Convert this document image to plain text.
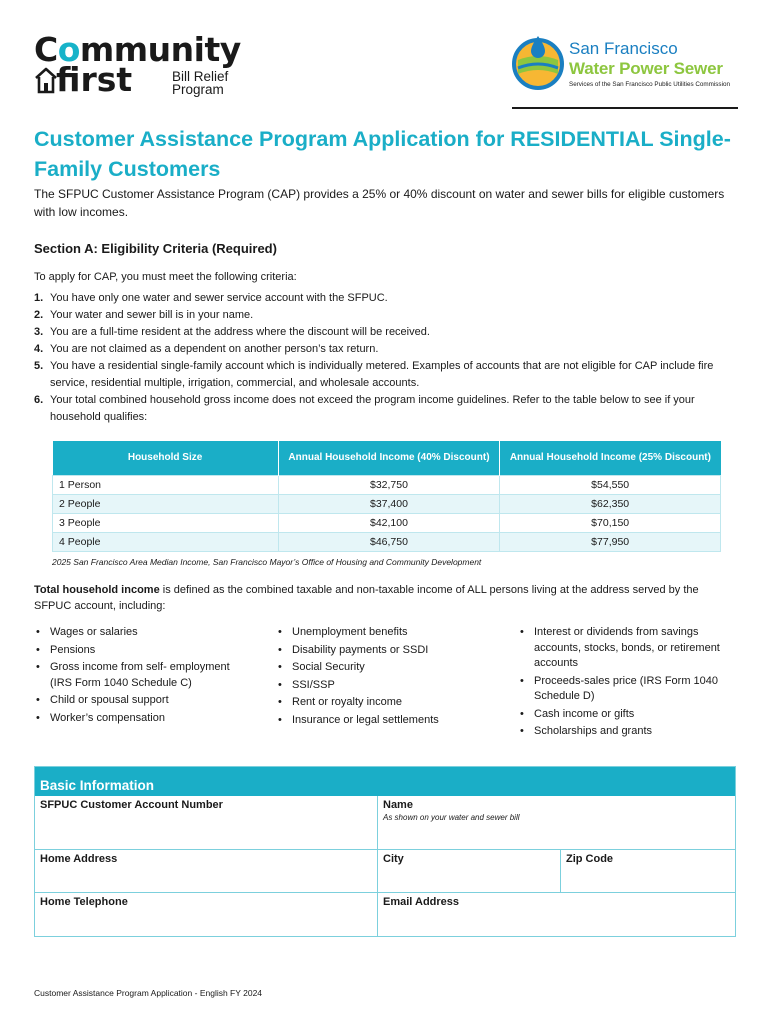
Community
first	Bill Relief
Program
San Francisco
Water Power Sewer
Services of the San Francisco Public Utilities Commission
Customer Assistance Program Application for RESIDENTIAL Single-Family Customers

The SFPUC Customer Assistance Program (CAP) provides a 25% or 40% discount on water and sewer bills for eligible customers with low incomes.

Section A: Eligibility Criteria (Required)

To apply for CAP, you must meet the following criteria:

1. You have only one water and sewer service account with the SFPUC.
2. Your water and sewer bill is in your name.
3. You are a full-time resident at the address where the discount will be received.
4. You are not claimed as a dependent on another person’s tax return.
5. You have a residential single-family account which is individually metered. Examples of accounts that are not eligible for CAP include fire service, residential multiple, irrigation, commercial, and wholesale accounts.
6. Your total combined household gross income does not exceed the program income guidelines. Refer to the table below to see if your household qualifies:
Household Size	Annual Household Income (40% Discount)	Annual Household Income (25% Discount)
1 Person	$32,750	$54,550
2 People	$37,400	$62,350
3 People	$42,100	$70,150
4 People	$46,750	$77,950

2025 San Francisco Area Median Income, San Francisco Mayor’s Office of Housing and Community Development

Total household income is defined as the combined taxable and non-taxable income of ALL persons living at the address served by the SFPUC account, including:

• Wages or salaries
• Pensions
• Gross income from self- employment (IRS Form 1040 Schedule C)
• Child or spousal support
• Worker’s compensation
• Unemployment benefits
• Disability payments or SSDI
• Social Security
• SSI/SSP
• Rent or royalty income
• Insurance or legal settlements
• Interest or dividends from savings accounts, stocks, bonds, or retirement accounts
• Proceeds-sales price (IRS Form 1040 Schedule D)
• Cash income or gifts
• Scholarships and grants
Basic Information
SFPUC Customer Account Number	Name
As shown on your water and sewer bill
Home Address	City	Zip Code
Home Telephone	Email Address
Customer Assistance Program Application - English FY 2024
